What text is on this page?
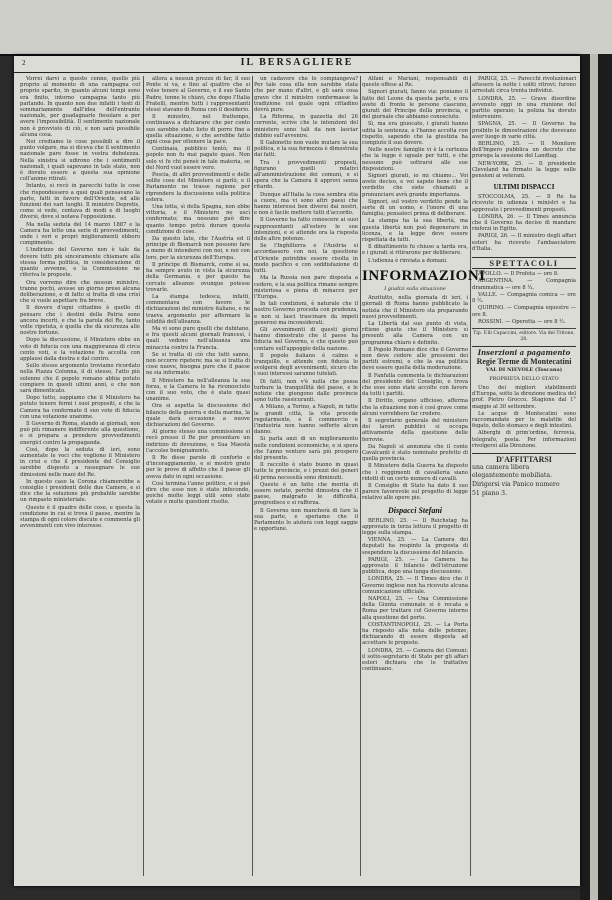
2	IL BERSAGLIERE

Vorrei darvi a questo cenno, quello più proprio al momento di una campagna col proprio sparito, in quanto alcuni tempi sono era finito, intorno campagna tanto più parlando. In quanto non due infatti i testi di sommariamente dall'idea dell'entrante nazionale, per guadagnarle fiesolare a per avere l'impossibilità. Il sentimento nazionale non è provvisto di ciò, e non sarà possibile alcuna cosa.

Noi crediamo le cose possibili a dire il punto volgare, ma si diceva che il sentimento nazionale pare fosse in vostra debolezza. Nella sinistra si udirono che i sentimenti nazionali, i quali sapevano in tale stato, non è dovuto essere a questa sua opinione coll'animo ritirati.

Intanto, si recò in parecchi tutte le cose che rispondessero a quei quali pensavano la parte, fatti in favore dell'Oriente, ed alle funzioni dei vari luoghi. Il ministro Depretis, come si vede, contava di modi e di luoghi diversi, dove si notava l'opposizione.

Ma nella seduta del 14 marzo 1887 e la Camera ha letto una serie di provvedimenti, onde i veri e propri miglioramenti ebbero compimento.

L'indirizzo del Governo non è tale da dovere tutti più sinceramente chiamare alla stessa forma politica, in considerazione di quanto avvenne, e la Commissione ne riferiva le proposte.

Ora vorremo dire che nessun ministro, tranne pochi, avesse un giorno preso alcuna deliberazione, e di fatto si tratta di una crisi che si vuole aspettare fra breve.

Il dovere d'ogni cittadino è quello di pensare che i destini della Patria sono ancora incerti, e che la parola del Re, tanto volte ripetuta, è quella che dà sicurezza alle nostre fortune.

Dopo la discussione, il Ministero ebbe un voto di fiducia con una maggioranza di circa cento voti, e la votazione fu accolta con applausi dalla destra e dal centro.

Sullo stesso argomento troviamo ricordato nella Piazza Colonna, il dì stesso, l'atto più solenne che il popolo romano abbia potuto compiere in questi ultimi anni, e che non sarà dimenticato.

Dopo tutto, sappiamo che il Ministero ha potuto tenere fermi i suoi propositi, e che la Camera ha confermato il suo voto di fiducia con una votazione unanime.

Il Governo di Roma, stando ai giornali, non può più rimanere indifferente alla questione, e si prepara a prendere provvedimenti energici contro la propaganda.

Così, dopo la seduta di ieri, sono aumentate le voci che vogliono il Ministero in crisi e che il presidente del Consiglio sarebbe disposto a rassegnare le sue dimissioni nelle mani del Re.

In questo caso la Corona chiamerebbe a consiglio i presidenti delle due Camere, e si dice che la soluzione più probabile sarebbe un rimpasto ministeriale.

Questo è il quadro delle cose, e questa la condizione in cui si trova il paese, mentre la stampa di ogni colore discute e commenta gli avvenimenti con vivo interesse.

allora a nessun prezzo di far; il suo Ponte si va, e fino al quattro che si volse tenere al Governo, e il suo Santo Padre, tenne le chiavi, che dopo l'Italia Fratelli, mentre tutti i rappresentanti stessi stavano di Roma con il desiderio.

Il ministro, nel frattempo, continuava a dichiarare che per conto suo sarebbe stato lieto di porre fine a quella situazione, e che avrebbe fatto ogni cosa per ottenere la pace.

Centinaia, pubblico tentò; ma il popolo non fu mai pagato quasi. Non solo vi fu chi pensò in tale materia, se del Nord vuol essere vero.

Poscia, di altri provvedimenti e delle solite cose del Ministero si parlò, e il Parlamento ne trasse ragione per riprendere la discussione sulla politica estera.

Una lotta, sì della Spagna, non ebbe vittoria, e il Ministero ne uscì confermato; ma nessuno può dire quanto tempo potrà durare questa condizione di cose.

Da questo lato, che l'Austria ed il principe di Bismarck non possono fare a meno di intendersi con noi, e noi con loro, per la sicurezza dell'Europa.

Il principe di Bismarck, come si sa, ha sempre avuto in vista la sicurezza della Germania, e per questo ha cercato alleanze ovunque potesse trovarle.

La stampa tedesca, infatti, commentava con favore le dichiarazioni del ministro italiano, e ne traeva argomento per affermare la solidità dell'alleanza.

Ma vi sono pure quelli che dubitano, e fra questi alcuni giornali francesi, i quali vedono nell'alleanza una minaccia contro la Francia.

Se si tratta di ciò che tutti sanno, non occorre ripetere; ma se si tratta di cose nuove, bisogna pure che il paese ne sia informato.

Il Ministero ha nell'alleanza la sua forza, e la Camera lo ha riconosciuto con il suo voto, che è stato quasi unanime.

Ora si aspetta la discussione del bilancio della guerra e della marina, la quale darà occasione a nuove dichiarazioni del Governo.

Al giorno stesso una commissione si recò presso il Re per presentare un indirizzo di devozione, e Sua Maestà l'accolse benignamente.

Il Re disse parole di conforto e d'incoraggiamento, e si mostrò grato per le prove di affetto che il paese gli aveva dato in ogni occasione.

Così termina l'anno politico, e si può dire che esso non è stato infecondo, poiché molte leggi utili sono state votate e molte questioni risolte.

un cadavere che lo compiangeva? Per tale cosa ella non sarebbe stata che per mano d'altri, e gli sarà cosa grave che il ministro confermasse la tradizione col quale ogni cittadino dovrà pure.

La Riforma, in gazzetta del 26 corrente, scrive che le intenzioni del ministero sono tali da non lasciar dubbio sull'avvenire.

Il Gabinetto non vuole mutare la sua politica, e la sua fermezza è dimostrata dai fatti.

Tra i provvedimenti proposti, figurano quelli relativi all'amministrazione dei comuni, e si spera che la Camera li approvi senza ritardo.

Dunque all'Italia la cosa sembra stia a cuore, ma vi sono altri paesi che hanno interessi ben diversi dai nostri, e non è facile mettere tutti d'accordo.

Il Governo ha fatto conoscere ai suoi rappresentanti all'estero le sue intenzioni, e si attende ora la risposta delle altre potenze.

Se l'Inghilterra e l'Austria si accordassero con noi, la questione d'Oriente potrebbe essere risolta in modo pacifico e con soddisfazione di tutti.

Ma la Russia non pare disposta a cedere, e la sua politica rimane sempre misteriosa e piena di minacce per l'Europa.

In tali condizioni, è naturale che il nostro Governo proceda con prudenza, e non si lasci trascinare da impeti generosi ma inconsiderati.

Gli avvenimenti di questi giorni hanno dimostrato che il paese ha fiducia nel Governo, e che questo può contare sull'appoggio della nazione.

Il popolo italiano è calmo e tranquillo, e attende con fiducia lo svolgersi degli avvenimenti, sicuro che i suoi interessi saranno tutelati.

Di fatti, non v'è nulla che possa turbare la tranquillità del paese, e le notizie che giungono dalle provincie sono tutte rassicuranti.

A Milano, a Torino, a Napoli, in tutte le grandi città, la vita procede regolarmente, e il commercio e l'industria non hanno sofferto alcun danno.

Si parla anzi di un miglioramento nelle condizioni economiche, e si spera che l'anno venturo sarà più prospero del presente.

Il raccolto è stato buono in quasi tutte le provincie, e i prezzi dei generi di prima necessità sono diminuiti.

Questo è un fatto che merita di essere notato, perché dimostra che il paese, malgrado le difficoltà, progredisce e si rafforza.

Il Governo non mancherà di fare la sua parte, e speriamo che il Parlamento lo aiuterà con leggi saggie e opportune.

Alfani e Mariani, responsabili di queste offese al Re.

Signori giurati, fanno via: poniamo il fatto del Leone da questa parte, e ora avete di fronte le persone ciascuno, giurati del Principe della provincia, e del giornale che abbiamo conosciuto.

Sì, ma era giuocato, i giurati hanno udita la sentenza, e l'hanno accolta con rispetto, sapendo che la giustizia ha compiuto il suo dovere.

Nelle nostre famiglie vi è la certezza che la legge è uguale per tutti, e che nessuno può sottrarsi alle sue disposizioni.

Signori giurati, io mi chiamo... Voi avete deciso, e voi sapete bene che il verdetto che siete chiamati a pronunciare avrà grande importanza.

Signori, sul vostro verdetto pende la sorte di un uomo, e l'onore di una famiglia; pensateci prima di deliberare.

La stampa ha la sua libertà, ma questa libertà non può degenerare in licenza, e la legge deve essere rispettata da tutti.

Il dibattimento fu chiuso a tarda ora, e i giurati si ritirarono per deliberare.

L'udienza è rinviata a domani.

INFORMAZIONI
I giudizi sulla situazione

Anzitutto, nella giornata di ieri, i giornali di Roma hanno pubblicato la notizia che il Ministero sta preparando nuovi provvedimenti.

La Libertà dal suo punto di vista, ritiene giusto che il Ministero si presenti alla Camera con un programma chiaro e definito.

Il Popolo Romano dice che il Governo non deve cedere alle pressioni dei partiti estremi, e che la sua politica deve essere quella della moderazione.

Il Fanfulla commenta le dichiarazioni del presidente del Consiglio, e trova che esse sono state accolte con favore da tutti i partiti.

Il Diritto, organo ufficioso, afferma che la situazione non è così grave come alcuni vorrebbero far credere.

Il segretario generale del ministero dei lavori pubblici si occupa attivamente della questione delle ferrovie.

Da Napoli si annunzia che il conte Cavalcanti è stato nominato prefetto di quella provincia.

Il Ministero della Guerra ha disposto che i reggimenti di cavalleria siano ridotti di un certo numero di cavalli.

Il Consiglio di Stato ha dato il suo parere favorevole sul progetto di legge relativo alle opere pie.

Dispacci Stefani

BERLINO, 25. — Il Reichstag ha approvato in terza lettura il progetto di legge sulla stampa.

VIENNA, 25. — La Camera dei deputati ha respinto la proposta di sospendere la discussione del bilancio.

PARIGI, 25. — La Camera ha approvato il bilancio dell'istruzione pubblica, dopo una lunga discussione.

LONDRA, 25. — Il Times dice che il Governo inglese non ha ricevuto alcuna comunicazione ufficiale.

NAPOLI, 25. — Una Commissione della Giunta comunale si è recata a Roma per trattare col Governo intorno alla questione del porto.

COSTANTINOPOLI, 25. — La Porta ha risposto alla nota delle potenze, dichiarando di essere disposta ad accettare le proposte.

LONDRA, 25. — Camera dei Comuni: il sotto-segretario di Stato per gli affari esteri dichiara che le trattative continuano.

PARIGI, 25. — Parecchi rivoluzionari attesero la notte i soliti ritrovi; furono arrestati circa trenta individui.

LONDRA, 25. — Grave disordine avvenuto oggi in una riunione del partito operaio; la polizia ha dovuto intervenire.

SPAGNA, 25. — Il Governo ha proibito le dimostrazioni che dovevano aver luogo in varie città.

BERLINO, 25. — Il Monitore dell'Impero pubblica un decreto che proroga la sessione del Landtag.

NEW-YORK, 25. — Il presidente Cleveland ha firmato la legge sulle pensioni ai veterani.

ULTIMI DISPACCI

STOCCOLMA, 25. — Il Re ha ricevuto in udienza i ministri e ha approvato i provvedimenti proposti.

LONDRA, 26. — Il Times annuncia che il Governo ha deciso di mandare rinforzi in Egitto.

PARIGI, 26. — Il ministro degli affari esteri ha ricevuto l'ambasciatore d'Italia.

SPETTACOLI

APOLLO. — Il Profeta — ore 8.

ARGENTINA. — Compagnia drammatica — ore 8 ¼.

VALLE. — Compagnia comica — ore 8 ½.

QUIRINO. — Compagnia equestre — ore 8.

ROSSINI. — Operetta — ore 8 ½.

Tip. F.lli Capaccini, editore. Via del Tritone, 28.
Inserzioni a pagamento
Regie Terme di Montecatini
VAL DI NIEVOLE (Toscana)
PROPRIETÀ DELLO STATO

Uno dei migliori stabilimenti d'Europa, sotto la direzione medica del prof. Pietro Grocco. Stagione dal 1° maggio al 30 settembre.

Le acque di Montecatini sono raccomandate per le malattie del fegato, dello stomaco e degli intestini.

Alberghi di prim'ordine, ferrovia, telegrafo, posta. Per informazioni rivolgersi alla Direzione.

D'AFFITTARSI

una camera libera elegantemente mobiliata.

Dirigersi via Panico numero

51 piano 3.
